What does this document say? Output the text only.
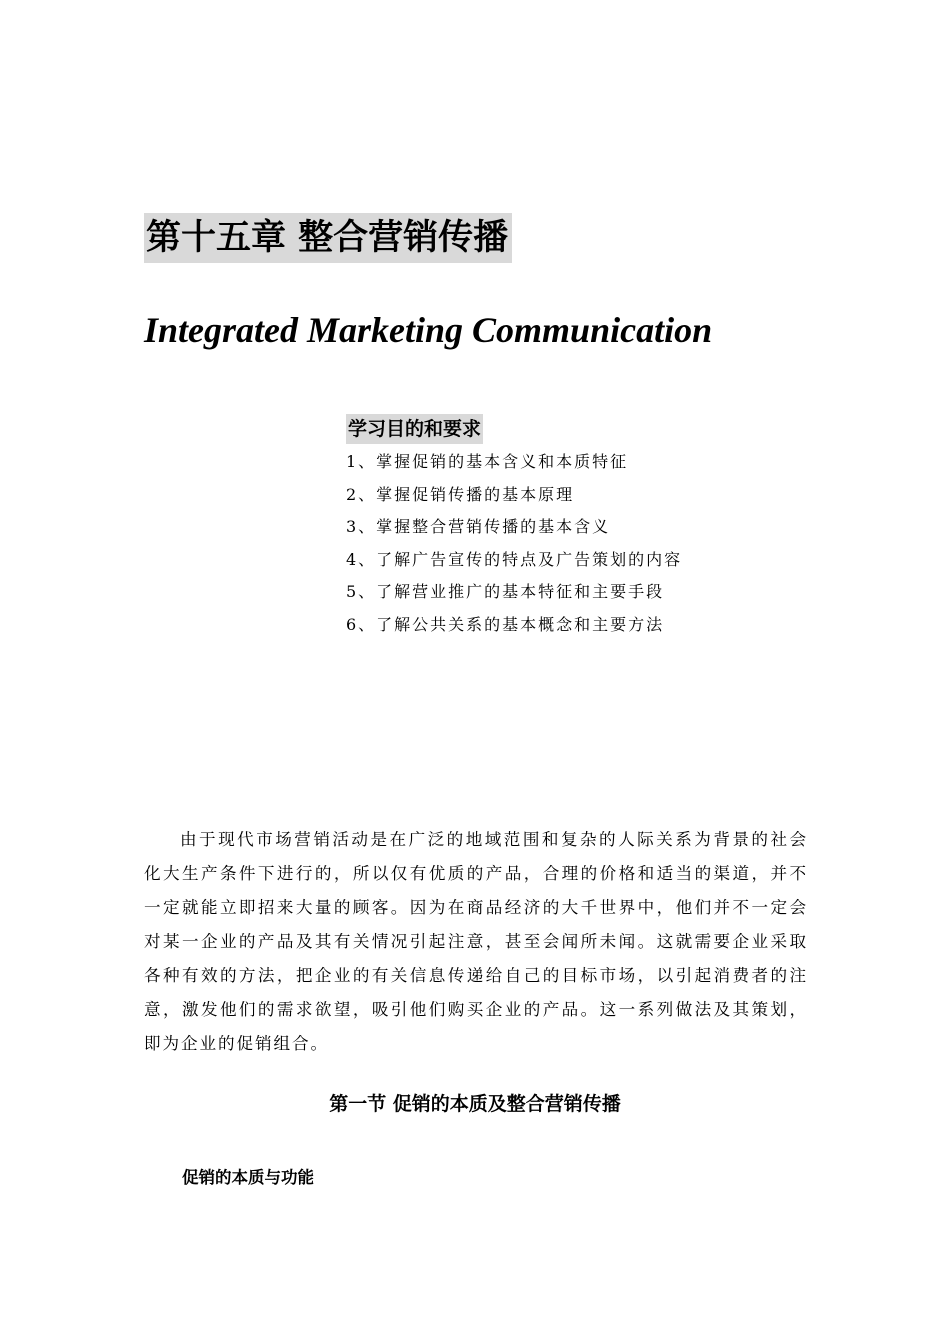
第十五章 整合营销传播
Integrated Marketing Communication
学习目的和要求
1、掌握促销的基本含义和本质特征
2、掌握促销传播的基本原理
3、掌握整合营销传播的基本含义
4、了解广告宣传的特点及广告策划的内容
5、了解营业推广的基本特征和主要手段
6、了解公共关系的基本概念和主要方法

由于现代市场营销活动是在广泛的地域范围和复杂的人际关系为背景的社会化大生产条件下进行的，所以仅有优质的产品，合理的价格和适当的渠道，并不一定就能立即招来大量的顾客。因为在商品经济的大千世界中，他们并不一定会对某一企业的产品及其有关情况引起注意，甚至会闻所未闻。这就需要企业采取各种有效的方法，把企业的有关信息传递给自己的目标市场，以引起消费者的注意，激发他们的需求欲望，吸引他们购买企业的产品。这一系列做法及其策划，即为企业的促销组合。

第一节 促销的本质及整合营销传播
促销的本质与功能
